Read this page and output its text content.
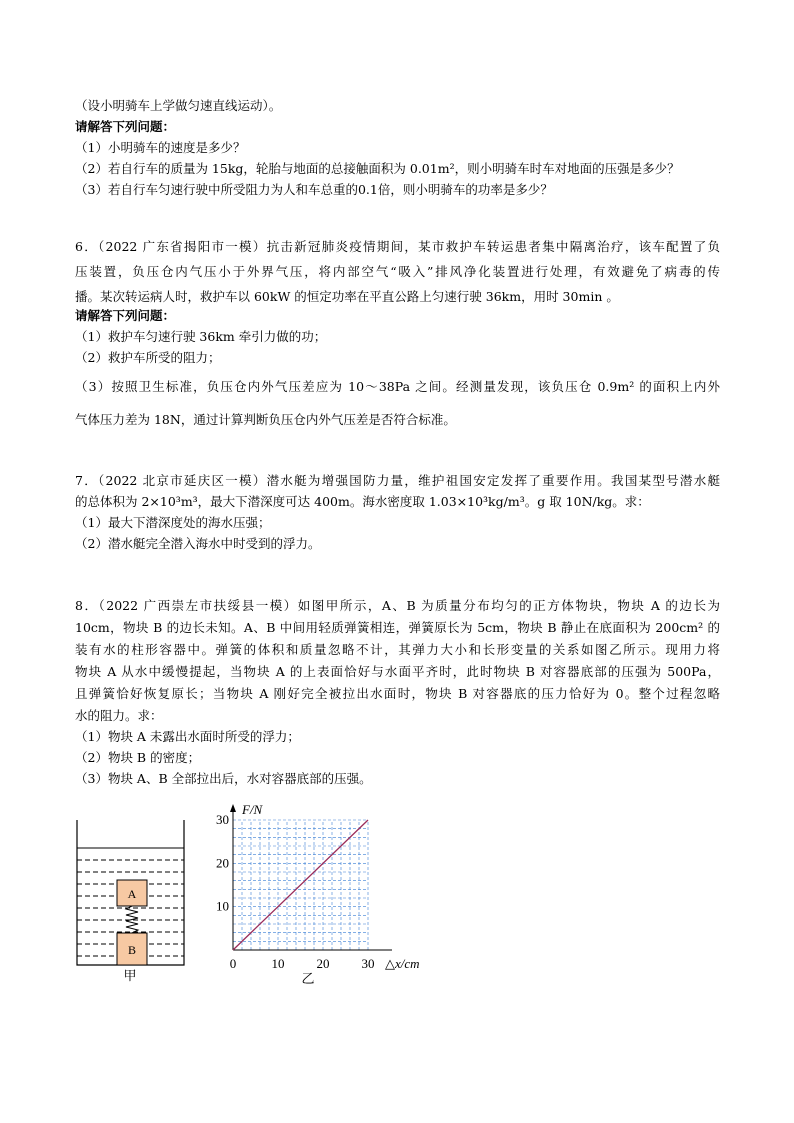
（设小明骑车上学做匀速直线运动）。
请解答下列问题：
（1）小明骑车的速度是多少？
（2）若自行车的质量为 15kg，轮胎与地面的总接触面积为 0.01m²，则小明骑车时车对地面的压强是多少？
（3）若自行车匀速行驶中所受阻力为人和车总重的0.1倍，则小明骑车的功率是多少？
6．（2022 广东省揭阳市一模）抗击新冠肺炎疫情期间，某市救护车转运患者集中隔离治疗，该车配置了负
压装置，负压仓内气压小于外界气压，将内部空气“吸入”排风净化装置进行处理，有效避免了病毒的传
播。某次转运病人时，救护车以 60kW 的恒定功率在平直公路上匀速行驶 36km，用时 30min 。
请解答下列问题：
（1）救护车匀速行驶 36km 牵引力做的功；
（2）救护车所受的阻力；
（3）按照卫生标准，负压仓内外气压差应为 10～38Pa 之间。经测量发现，该负压仓 0.9m² 的面积上内外
气体压力差为 18N，通过计算判断负压仓内外气压差是否符合标准。
7．（2022 北京市延庆区一模）潜水艇为增强国防力量，维护祖国安定发挥了重要作用。我国某型号潜水艇
的总体积为 2×10³m³，最大下潜深度可达 400m。海水密度取 1.03×10³kg/m³。g 取 10N/kg。求：
（1）最大下潜深度处的海水压强；
（2）潜水艇完全潜入海水中时受到的浮力。
8．（2022 广西崇左市扶绥县一模）如图甲所示，A、B 为质量分布均匀的正方体物块，物块 A 的边长为
10cm，物块 B 的边长未知。A、B 中间用轻质弹簧相连，弹簧原长为 5cm，物块 B 静止在底面积为 200cm² 的
装有水的柱形容器中。弹簧的体积和质量忽略不计，其弹力大小和长形变量的关系如图乙所示。现用力将
物块 A 从水中缓慢提起，当物块 A 的上表面恰好与水面平齐时，此时物块 B 对容器底部的压强为 500Pa，
且弹簧恰好恢复原长；当物块 A 刚好完全被拉出水面时，物块 B 对容器底的压力恰好为 0。整个过程忽略
水的阻力。求：
（1）物块 A 未露出水面时所受的浮力；
（2）物块 B 的密度；
（3）物块 A、B 全部拉出后，水对容器底部的压强。
A
B
甲
0	10 20 30
10
20
30
F/N
△x/cm
乙
